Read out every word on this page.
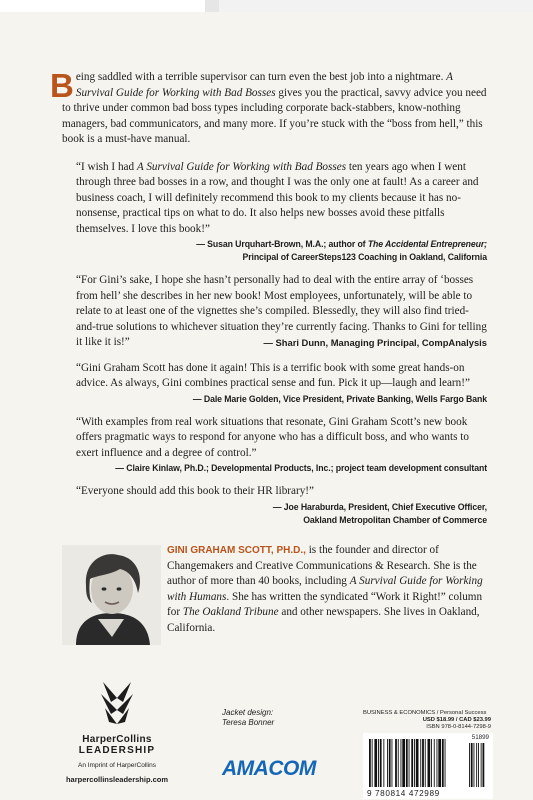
Being saddled with a terrible supervisor can turn even the best job into a nightmare. A Survival Guide for Working with Bad Bosses gives you the practical, savvy advice you need to thrive under common bad boss types including corporate back-stabbers, know-nothing managers, bad communicators, and many more. If you’re stuck with the “boss from hell,” this book is a must-have manual.

“I wish I had A Survival Guide for Working with Bad Bosses ten years ago when I went through three bad bosses in a row, and thought I was the only one at fault! As a career and business coach, I will definitely recommend this book to my clients because it has no-nonsense, practical tips on what to do. It also helps new bosses avoid these pitfalls themselves. I love this book!”

— Susan Urquhart-Brown, M.A.; author of The Accidental Entrepreneur;
Principal of CareerSteps123 Coaching in Oakland, California

“For Gini’s sake, I hope she hasn’t personally had to deal with the entire array of ‘bosses from hell’ she describes in her new book! Most employees, unfortunately, will be able to relate to at least one of the vignettes she’s compiled. Blessedly, they will also find tried-and-true solutions to whichever situation they’re currently facing. Thanks to Gini for telling it like it is!”	— Shari Dunn, Managing Principal, CompAnalysis

“Gini Graham Scott has done it again! This is a terrific book with some great hands-on advice. As always, Gini combines practical sense and fun. Pick it up—laugh and learn!”

— Dale Marie Golden, Vice President, Private Banking, Wells Fargo Bank

“With examples from real work situations that resonate, Gini Graham Scott’s new book offers pragmatic ways to respond for anyone who has a difficult boss, and who wants to exert influence and a degree of control.”

— Claire Kinlaw, Ph.D.; Developmental Products, Inc.; project team development consultant

“Everyone should add this book to their HR library!”

— Joe Haraburda, President, Chief Executive Officer,
Oakland Metropolitan Chamber of Commerce

GINI GRAHAM SCOTT, PH.D., is the founder and director of Changemakers and Creative Communications & Research. She is the author of more than 40 books, including A Survival Guide for Working with Humans. She has written the syndicated “Work it Right!” column for The Oakland Tribune and other newspapers. She lives in Oakland, California.

HarperCollins
LEADERSHIP
An Imprint of HarperCollins
harpercollinsleadership.com
Jacket design:
Teresa Bonner
AMACOM
BUSINESS & ECONOMICS / Personal Success
USD $18.99 / CAD $23.99
ISBN 978-0-8144-7298-9
51899
9 780814 472989
